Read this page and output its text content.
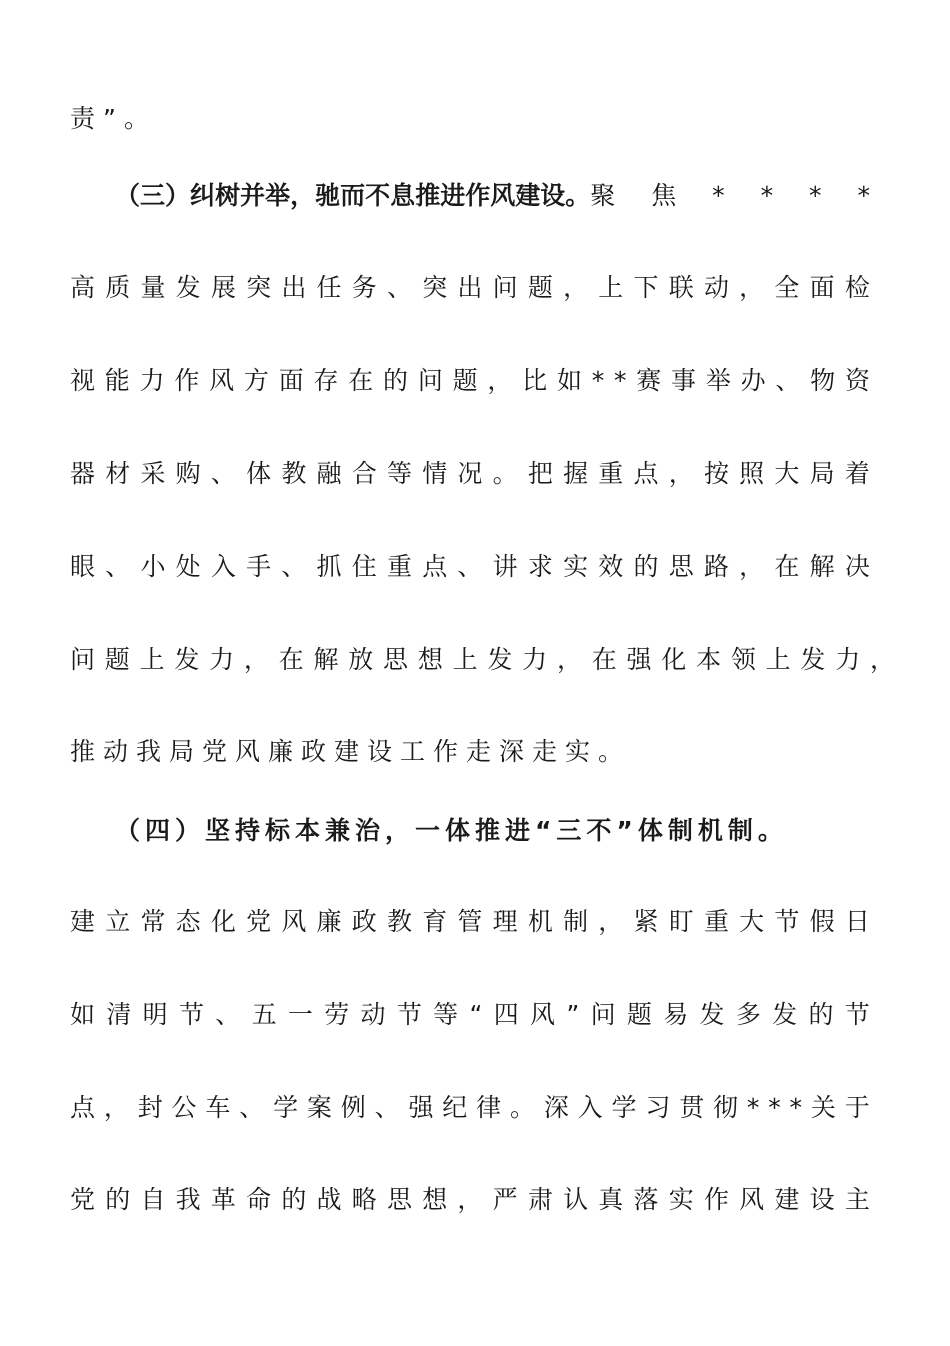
责”。
（ 三 ） 纠 树 并 举 ， 驰 而 不 息 推 进 作 风 建 设 。 聚 焦 * * * *
高 质 量 发 展 突 出 任 务 、 突 出 问 题 ， 上 下 联 动 ， 全 面 检
视 能 力 作 风 方 面 存 在 的 问 题 ， 比 如 * * 赛 事 举 办 、 物 资
器 材 采 购 、 体 教 融 合 等 情 况 。 把 握 重 点 ， 按 照 大 局 着
眼 、 小 处 入 手 、 抓 住 重 点 、 讲 求 实 效 的 思 路 ， 在 解 决
问 题 上 发 力 ， 在 解 放 思 想 上 发 力 ， 在 强 化 本 领 上 发 力 ，
推动我局党风廉政建设工作走深走实。
（四）坚持标本兼治，一体推进“三不”体制机制。
建 立 常 态 化 党 风 廉 政 教 育 管 理 机 制 ， 紧 盯 重 大 节 假 日
如 清 明 节 、 五 一 劳 动 节 等 “ 四 风 ” 问 题 易 发 多 发 的 节
点 ， 封 公 车 、 学 案 例 、 强 纪 律 。 深 入 学 习 贯 彻 * * * 关 于
党 的 自 我 革 命 的 战 略 思 想 ， 严 肃 认 真 落 实 作 风 建 设 主
